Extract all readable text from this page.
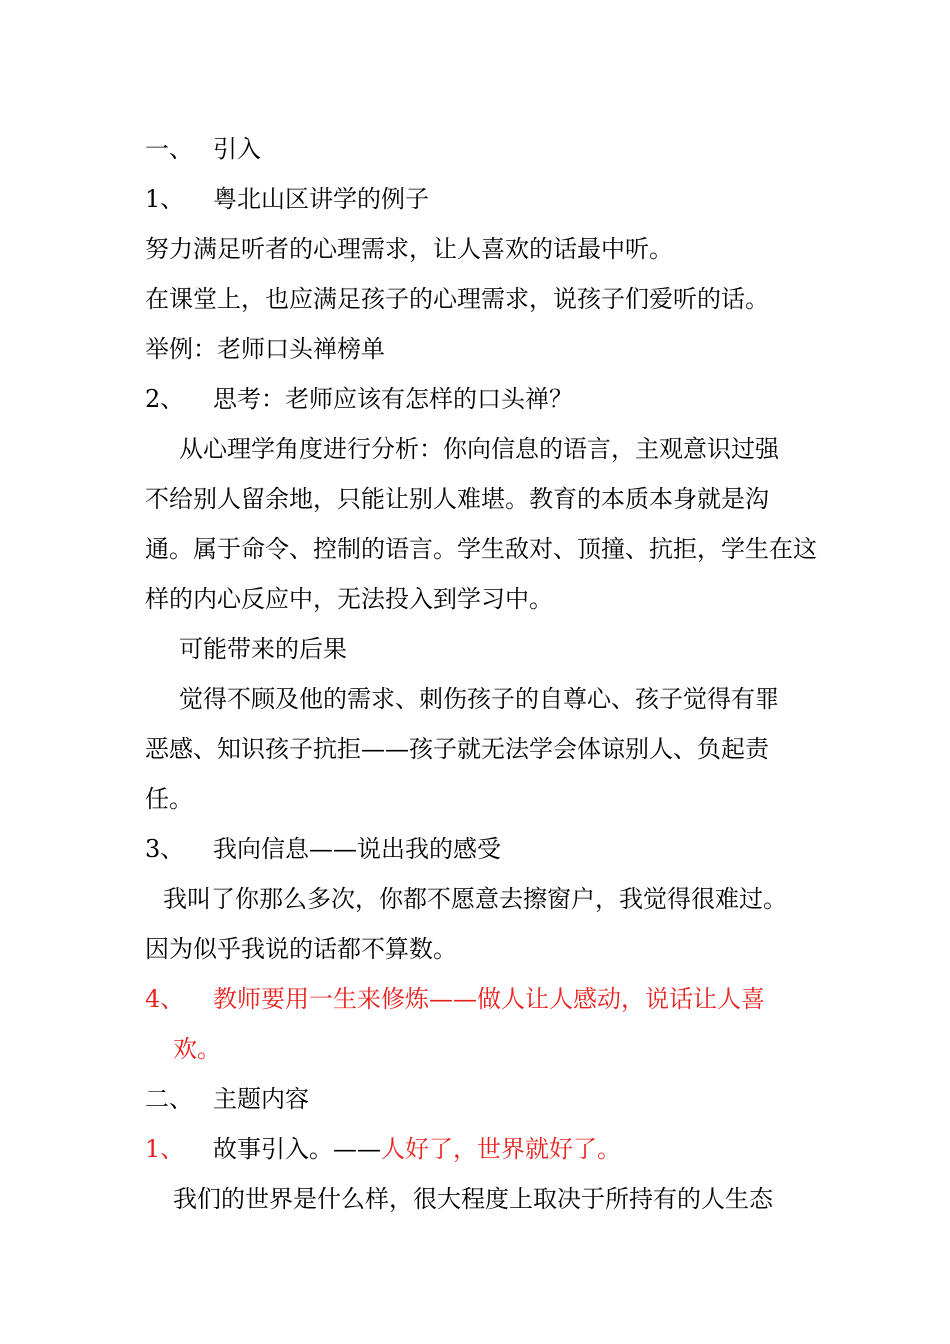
一、 引入
1、 粤北山区讲学的例子
努力满足听者的心理需求，让人喜欢的话最中听。
在课堂上，也应满足孩子的心理需求，说孩子们爱听的话。
举例：老师口头禅榜单
2、 思考：老师应该有怎样的口头禅？
从心理学角度进行分析：你向信息的语言，主观意识过强
不给别人留余地，只能让别人难堪。教育的本质本身就是沟
通。属于命令、控制的语言。学生敌对、顶撞、抗拒，学生在这
样的内心反应中，无法投入到学习中。
可能带来的后果
觉得不顾及他的需求、刺伤孩子的自尊心、孩子觉得有罪
恶感、知识孩子抗拒——孩子就无法学会体谅别人、负起责
任。
3、 我向信息——说出我的感受
我叫了你那么多次，你都不愿意去擦窗户，我觉得很难过。
因为似乎我说的话都不算数。
4、 教师要用一生来修炼——做人让人感动，说话让人喜
欢。
二、 主题内容
1、 故事引入。——人好了，世界就好了。
我们的世界是什么样，很大程度上取决于所持有的人生态
